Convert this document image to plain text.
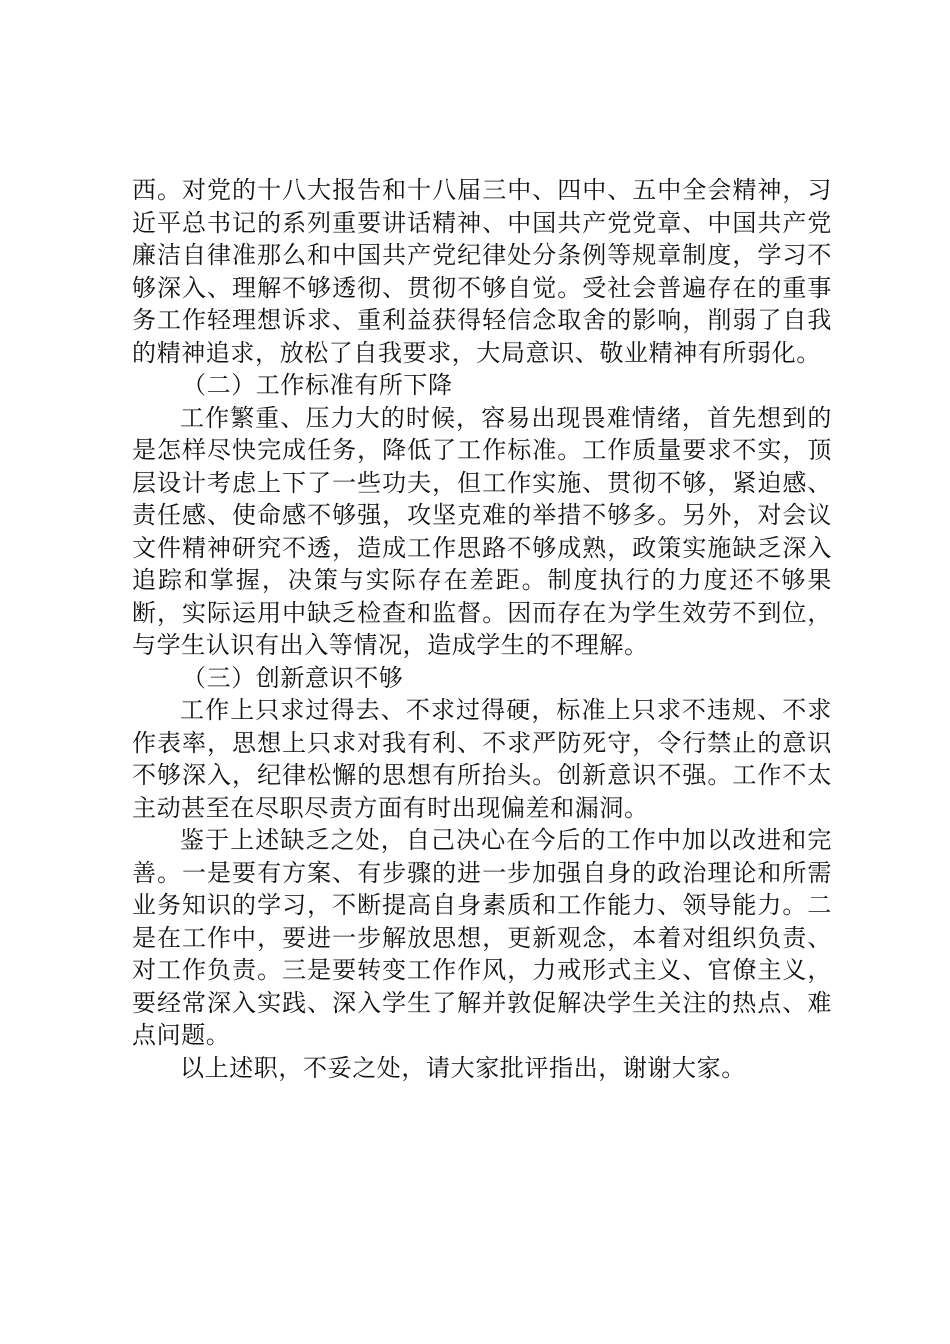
西。对党的十八大报告和十八届三中、四中、五中全会精神，习近平总书记的系列重要讲话精神、中国共产党党章、中国共产党廉洁自律准那么和中国共产党纪律处分条例等规章制度，学习不够深入、理解不够透彻、贯彻不够自觉。受社会普遍存在的重事务工作轻理想诉求、重利益获得轻信念取舍的影响，削弱了自我的精神追求，放松了自我要求，大局意识、敬业精神有所弱化。

（二）工作标准有所下降

工作繁重、压力大的时候，容易出现畏难情绪，首先想到的是怎样尽快完成任务，降低了工作标准。工作质量要求不实，顶层设计考虑上下了一些功夫，但工作实施、贯彻不够，紧迫感、责任感、使命感不够强，攻坚克难的举措不够多。另外，对会议文件精神研究不透，造成工作思路不够成熟，政策实施缺乏深入追踪和掌握，决策与实际存在差距。制度执行的力度还不够果断，实际运用中缺乏检查和监督。因而存在为学生效劳不到位，与学生认识有出入等情况，造成学生的不理解。

（三）创新意识不够

工作上只求过得去、不求过得硬，标准上只求不违规、不求作表率，思想上只求对我有利、不求严防死守，令行禁止的意识不够深入，纪律松懈的思想有所抬头。创新意识不强。工作不太主动甚至在尽职尽责方面有时出现偏差和漏洞。

鉴于上述缺乏之处，自己决心在今后的工作中加以改进和完善。一是要有方案、有步骤的进一步加强自身的政治理论和所需业务知识的学习，不断提高自身素质和工作能力、领导能力。二是在工作中，要进一步解放思想，更新观念，本着对组织负责、对工作负责。三是要转变工作作风，力戒形式主义、官僚主义，要经常深入实践、深入学生了解并敦促解决学生关注的热点、难点问题。

以上述职，不妥之处，请大家批评指出，谢谢大家。
